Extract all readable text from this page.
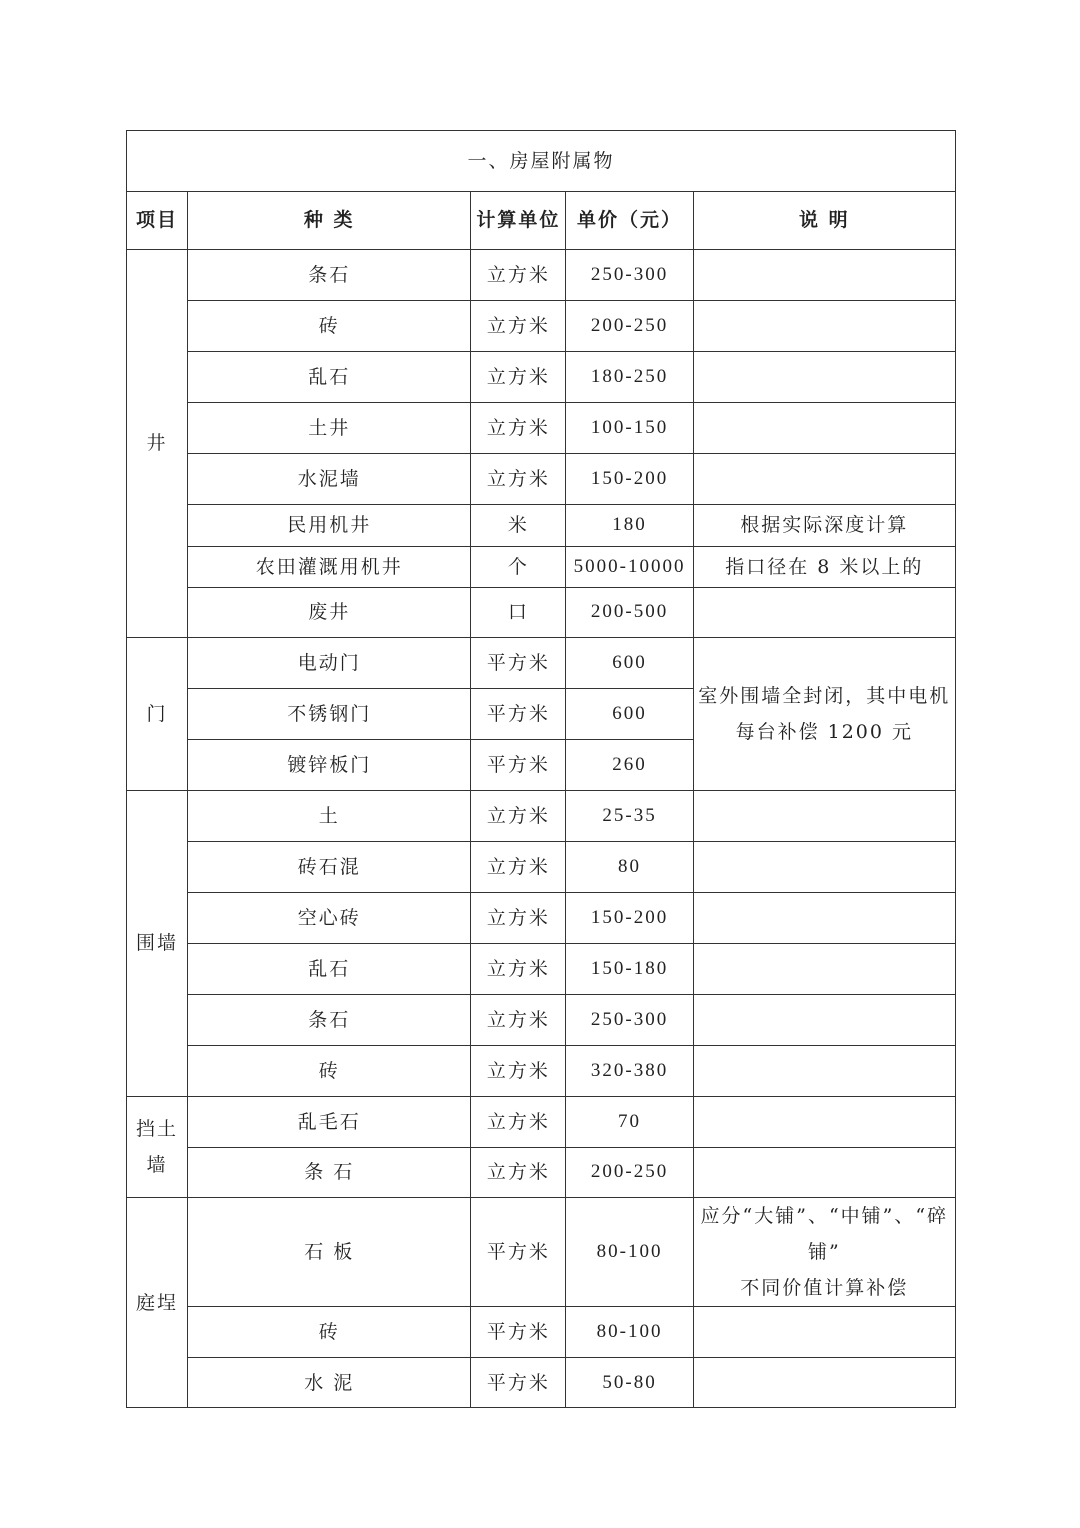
一、房屋附属物				
项目	种 类	计算单位	单价（元）	说 明
井	条石	立方米	250-300	
	砖	立方米	200-250	
	乱石	立方米	180-250	
	土井	立方米	100-150	
	水泥墙	立方米	150-200	
	民用机井	米	180	根据实际深度计算
	农田灌溉用机井	个	5000-10000	指口径在 8 米以上的
	废井	口	200-500	
门	电动门	平方米	600	室外围墙全封闭，其中电机
每台补偿 1200 元

	不锈钢门	平方米	600	
	镀锌板门	平方米	260	
围墙	土	立方米	25-35	
	砖石混	立方米	80	
	空心砖	立方米	150-200	
	乱石	立方米	150-180	
	条石	立方米	250-300	
	砖	立方米	320-380	

挡土
墙	乱毛石	立方米	70	
	条 石	立方米	200-250	
庭埕	石 板	平方米	80-100	应分“大铺”、“中铺”、“碎铺”
不同价值计算补偿

	砖	平方米	80-100	
	水 泥	平方米	50-80	
